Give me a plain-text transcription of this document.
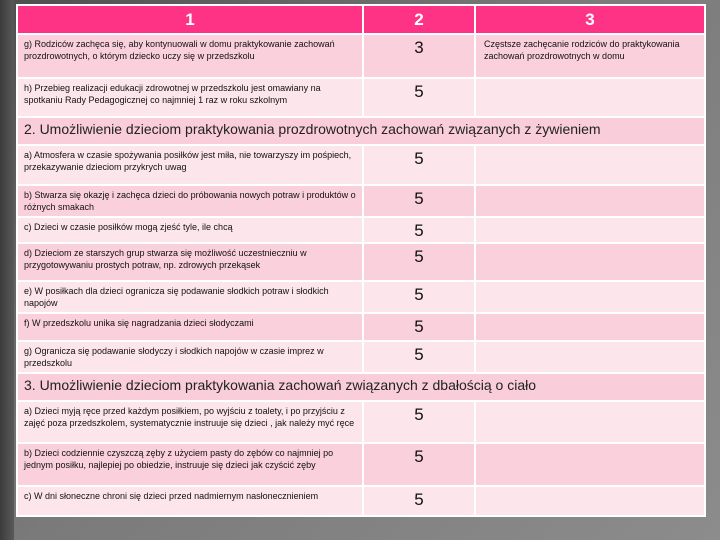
1	2	3
g) Rodziców zachęca się, aby kontynuowali w domu praktykowanie zachowań prozdrowotnych, o którym dziecko uczy się w przedszkolu	3	Częstsze zachęcanie rodziców do praktykowania zachowań prozdrowotnych w domu
h) Przebieg realizacji edukacji zdrowotnej w przedszkolu jest omawiany na spotkaniu Rady Pedagogicznej co najmniej 1 raz w roku szkolnym	5	
2. Umożliwienie dzieciom praktykowania prozdrowotnych zachowań związanych z żywieniem		
a) Atmosfera w czasie spożywania posiłków jest miła, nie towarzyszy im pośpiech, przekazywanie dzieciom przykrych uwag	5	
b) Stwarza się okazję i zachęca dzieci do próbowania nowych potraw i produktów o różnych smakach	5	
c) Dzieci w czasie posiłków mogą zjeść tyle, ile chcą	5	
d) Dzieciom ze starszych grup stwarza się możliwość uczestnieczniu w przygotowywaniu prostych potraw, np. zdrowych przekąsek	5	
e) W posiłkach dla dzieci ogranicza się podawanie słodkich potraw i słodkich napojów	5	
f) W przedszkolu unika się nagradzania dzieci słodyczami	5	
g) Ogranicza się podawanie słodyczy i słodkich napojów w czasie imprez w przedszkolu	5	
3. Umożliwienie dzieciom praktykowania zachowań związanych z dbałością o ciało		
a) Dzieci myją ręce przed każdym posiłkiem, po wyjściu z toalety, i po przyjściu z zajęć poza przedszkolem, systematycznie instruuje się dzieci , jak należy myć ręce	5	
b) Dzieci codziennie czyszczą zęby z użyciem pasty do zębów co najmniej po jednym posiłku, najlepiej po obiedzie, instruuje się dzieci jak czyścić zęby	5	
c) W dni słoneczne chroni się dzieci przed nadmiernym nasłonecznieniem	5	
